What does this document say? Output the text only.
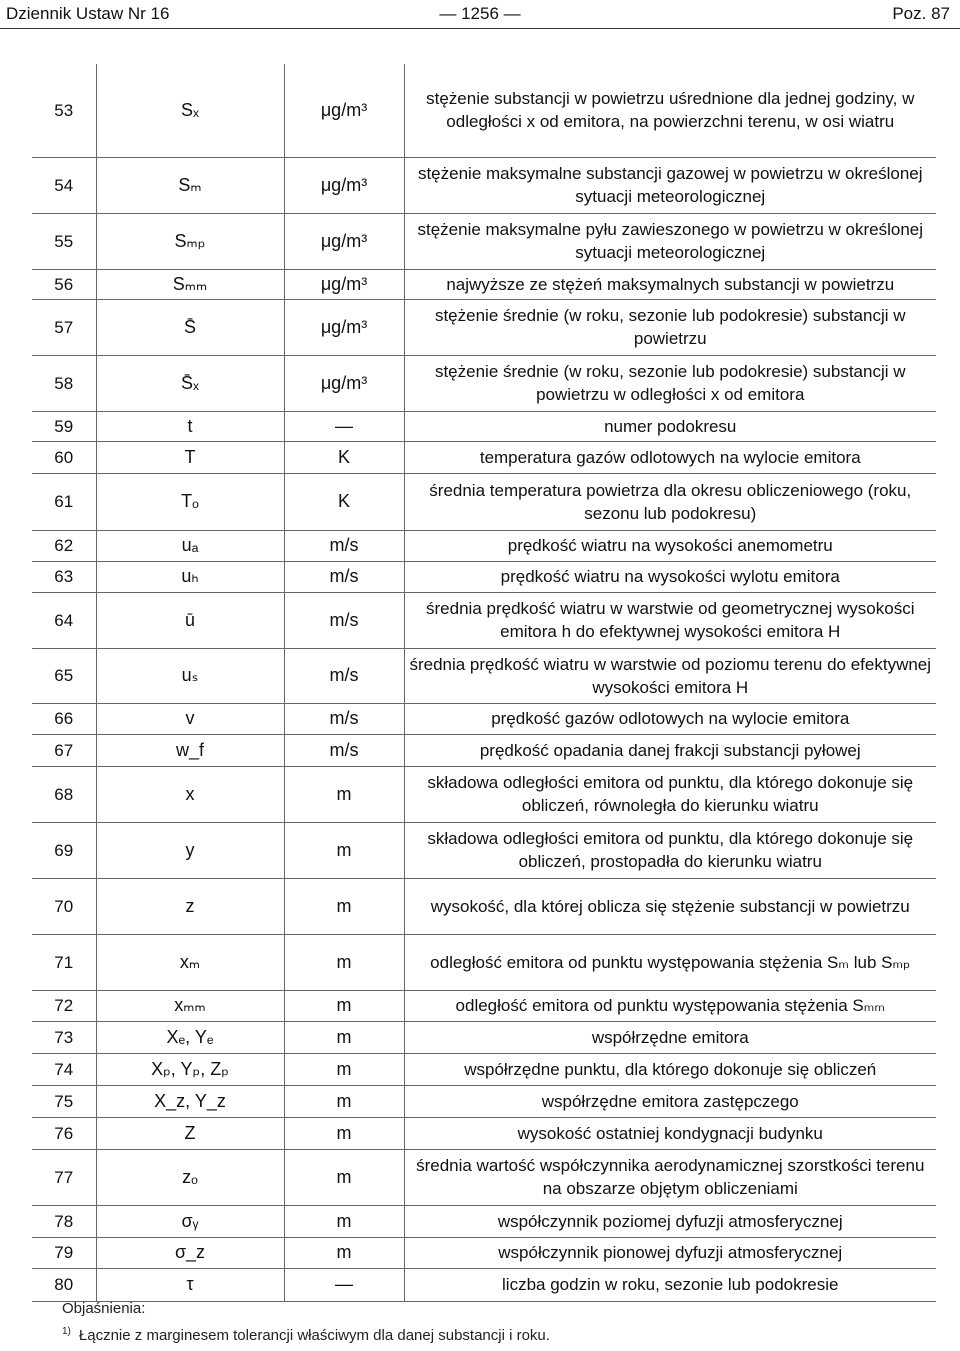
Dziennik Ustaw Nr 16	— 1256 —	Poz. 87
53	Sₓ	μg/m³	stężenie substancji w powietrzu uśrednione dla jednej godziny, w odległości x od emitora, na powierzchni terenu, w osi wiatru
54	Sₘ	μg/m³	stężenie maksymalne substancji gazowej w powietrzu w określonej sytuacji meteorologicznej
55	Sₘₚ	μg/m³	stężenie maksymalne pyłu zawieszonego w powietrzu w określonej sytuacji meteorologicznej
56	Sₘₘ	μg/m³	najwyższe ze stężeń maksymalnych substancji w powietrzu
57	S̄	μg/m³	stężenie średnie (w roku, sezonie lub podokresie) substancji w powietrzu
58	S̄ₓ	μg/m³	stężenie średnie (w roku, sezonie lub podokresie) substancji w powietrzu w odległości x od emitora
59	t	—	numer podokresu
60	T	K	temperatura gazów odlotowych na wylocie emitora
61	Tₒ	K	średnia temperatura powietrza dla okresu obliczeniowego (roku, sezonu lub podokresu)
62	uₐ	m/s	prędkość wiatru na wysokości anemometru
63	uₕ	m/s	prędkość wiatru na wysokości wylotu emitora
64	ū	m/s	średnia prędkość wiatru w warstwie od geometrycznej wysokości emitora h do efektywnej wysokości emitora H
65	uₛ	m/s	średnia prędkość wiatru w warstwie od poziomu terenu do efektywnej wysokości emitora H
66	v	m/s	prędkość gazów odlotowych na wylocie emitora
67	w_f	m/s	prędkość opadania danej frakcji substancji pyłowej
68	x	m	składowa odległości emitora od punktu, dla którego dokonuje się obliczeń, równoległa do kierunku wiatru
69	y	m	składowa odległości emitora od punktu, dla którego dokonuje się obliczeń, prostopadła do kierunku wiatru
70	z	m	wysokość, dla której oblicza się stężenie substancji w powietrzu
71	xₘ	m	odległość emitora od punktu występowania stężenia Sₘ lub Sₘₚ
72	xₘₘ	m	odległość emitora od punktu występowania stężenia Sₘₘ
73	Xₑ, Yₑ	m	współrzędne emitora
74	Xₚ, Yₚ, Zₚ	m	współrzędne punktu, dla którego dokonuje się obliczeń
75	X_z, Y_z	m	współrzędne emitora zastępczego
76	Z	m	wysokość ostatniej kondygnacji budynku
77	zₒ	m	średnia wartość współczynnika aerodynamicznej szorstkości terenu na obszarze objętym obliczeniami
78	σᵧ	m	współczynnik poziomej dyfuzji atmosferycznej
79	σ_z	m	współczynnik pionowej dyfuzji atmosferycznej
80	τ	—	liczba godzin w roku, sezonie lub podokresie
Objaśnienia:
$^{1)}$ Łącznie z marginesem tolerancji właściwym dla danej substancji i roku.
